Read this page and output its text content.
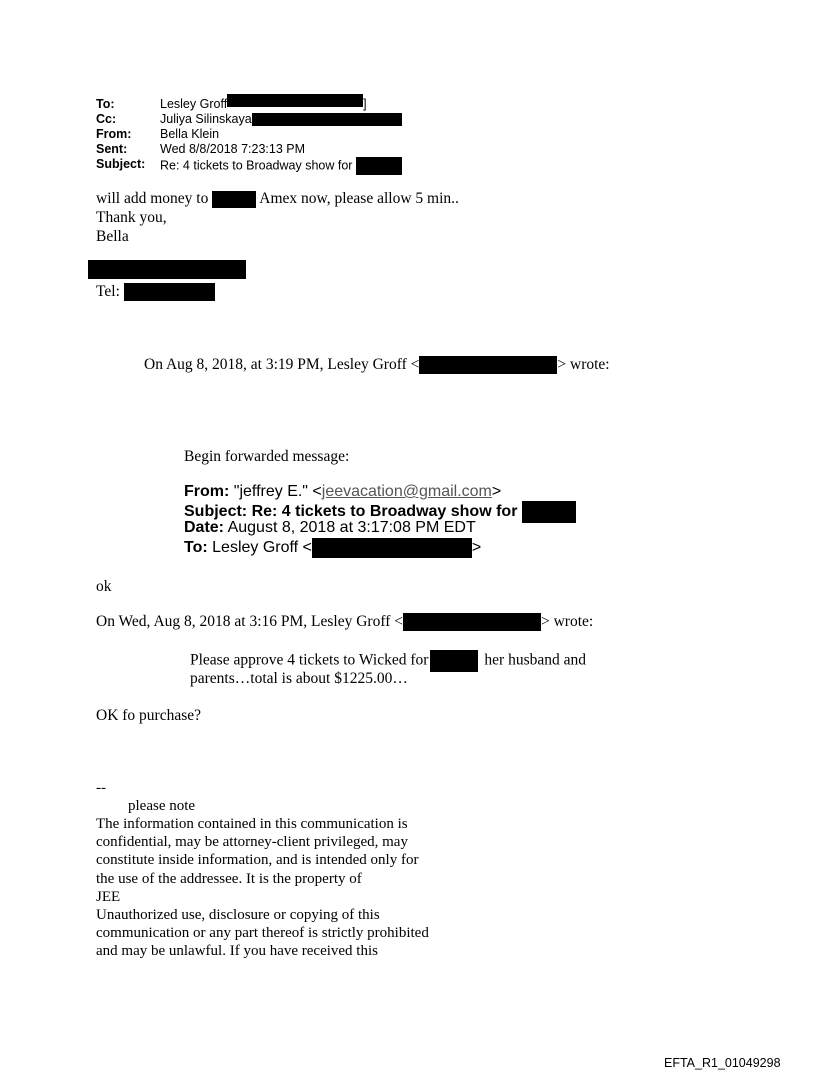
To:	Lesley Groff	]
Cc:	Juliya Silinskaya
From: Bella Klein
Sent:	Wed 8/8/2018 7:23:13 PM
Subject: Re: 4 tickets to Broadway show for
will add money to	Amex now, please allow 5 min..
Thank you,
Bella
Tel:
On Aug 8, 2018, at 3:19 PM, Lesley Groff <	> wrote:
Begin forwarded message:
From: "jeffrey E." <jeevacation@gmail.com>
Subject: Re: 4 tickets to Broadway show for
Date: August 8, 2018 at 3:17:08 PM EDT
To: Lesley Groff <	>
ok
On Wed, Aug 8, 2018 at 3:16 PM, Lesley Groff <	> wrote:
Please approve 4 tickets to Wicked for	her husband and
parents…total is about $1225.00…
OK fo purchase?
--
please note
The information contained in this communication is
confidential, may be attorney-client privileged, may
constitute inside information, and is intended only for
the use of the addressee. It is the property of
JEE
Unauthorized use, disclosure or copying of this
communication or any part thereof is strictly prohibited
and may be unlawful. If you have received this
EFTA_R1_01049298
